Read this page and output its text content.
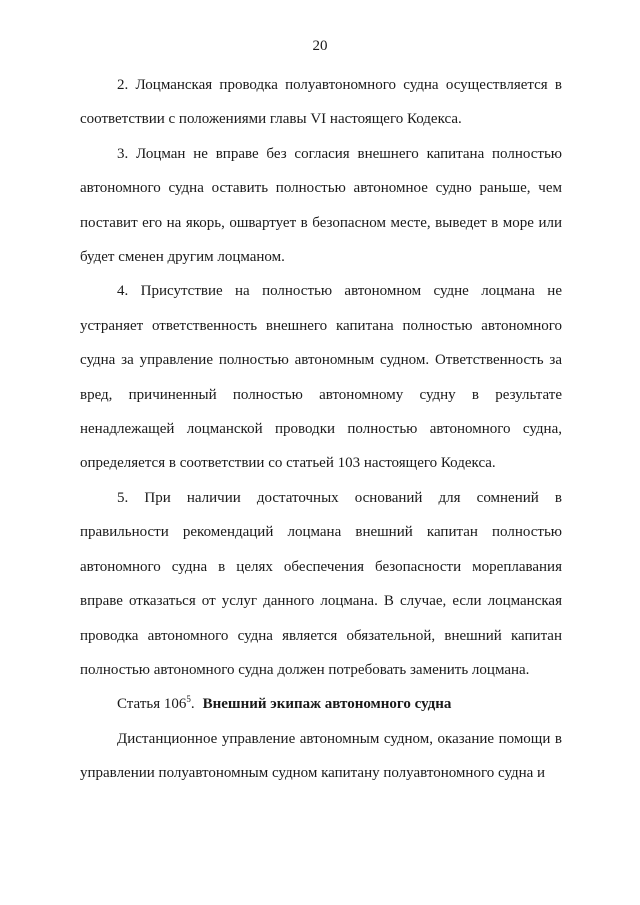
20

2. Лоцманская проводка полуавтономного судна осуществляется в соответствии с положениями главы VI настоящего Кодекса.

3. Лоцман не вправе без согласия внешнего капитана полностью автономного судна оставить полностью автономное судно раньше, чем поставит его на якорь, ошвартует в безопасном месте, выведет в море или будет сменен другим лоцманом.

4. Присутствие на полностью автономном судне лоцмана не устраняет ответственность внешнего капитана полностью автономного судна за управление полностью автономным судном. Ответственность за вред, причиненный полностью автономному судну в результате ненадлежащей лоцманской проводки полностью автономного судна, определяется в соответствии со статьей 103 настоящего Кодекса.

5. При наличии достаточных оснований для сомнений в правильности рекомендаций лоцмана внешний капитан полностью автономного судна в целях обеспечения безопасности мореплавания вправе отказаться от услуг данного лоцмана. В случае, если лоцманская проводка автономного судна является обязательной, внешний капитан полностью автономного судна должен потребовать заменить лоцмана.

Статья $106^5$. Внешний экипаж автономного судна

Дистанционное управление автономным судном, оказание помощи в управлении полуавтономным судном капитану полуавтономного судна и
